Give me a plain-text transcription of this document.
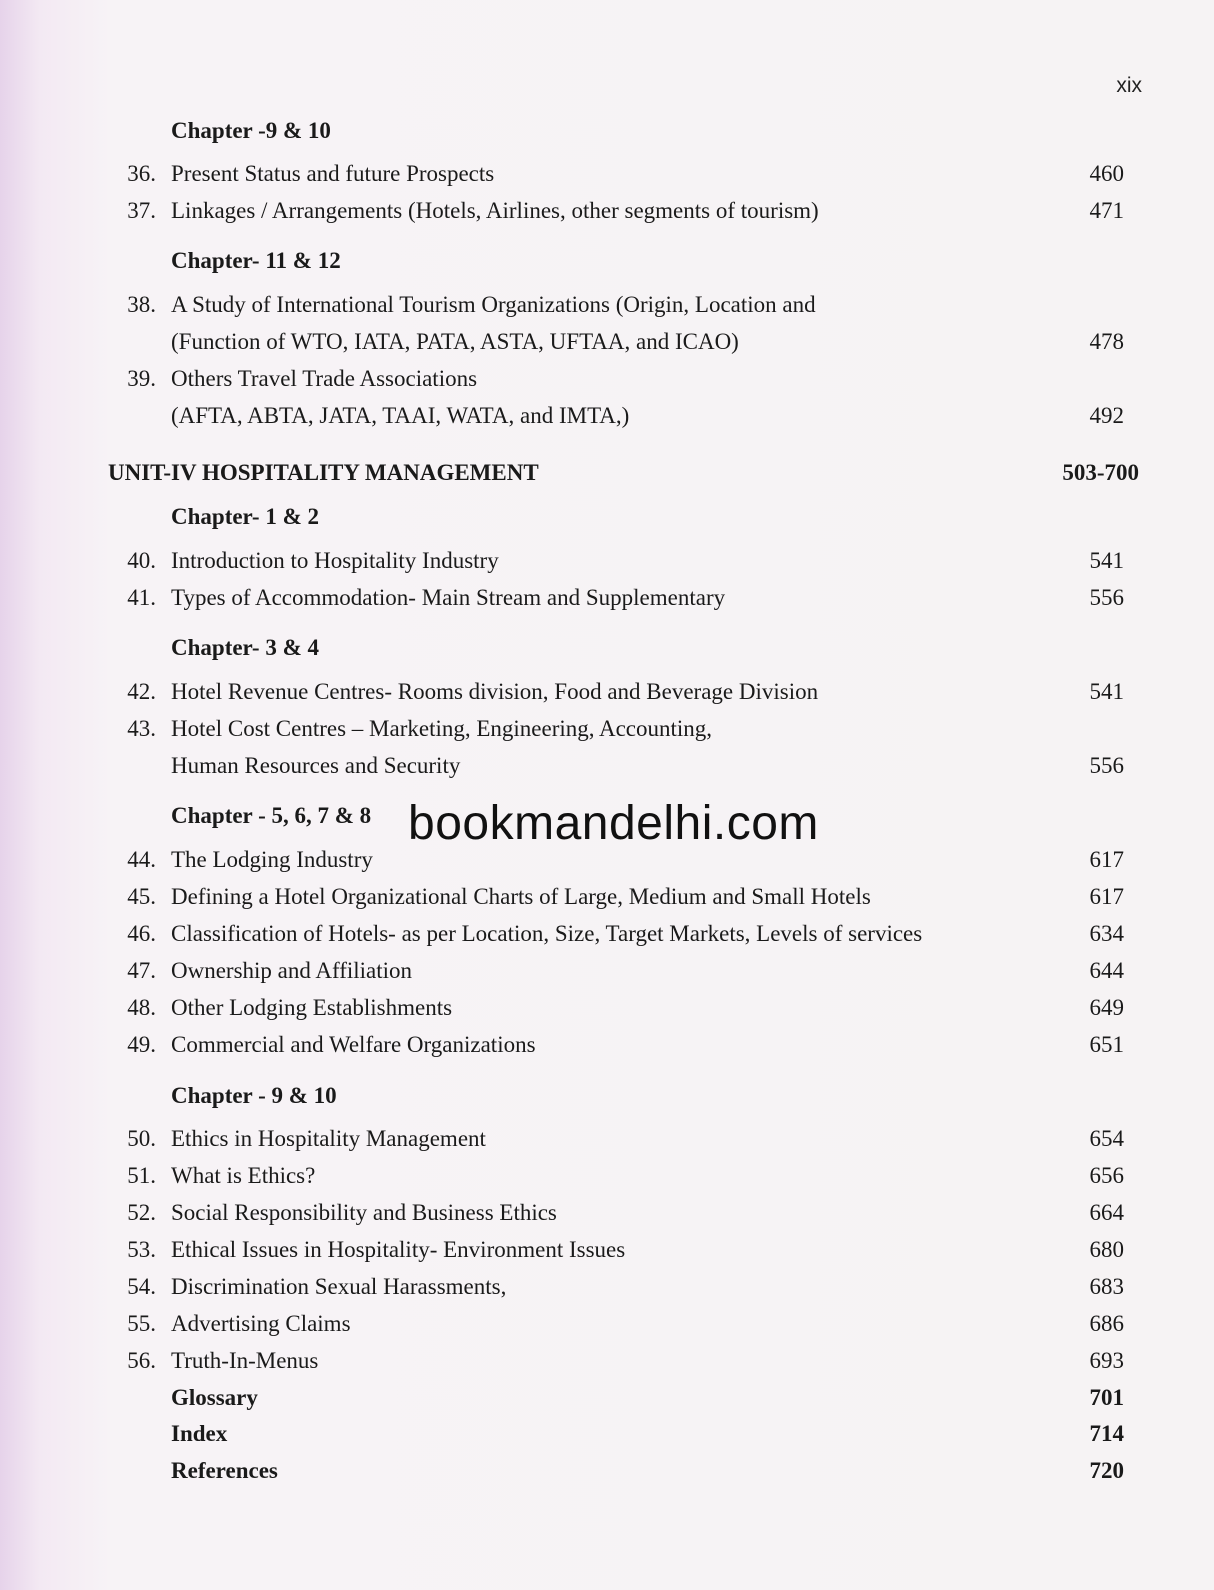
xix
Chapter -9 & 10
36. Present Status and future Prospects	460
37. Linkages / Arrangements (Hotels, Airlines, other segments of tourism)	471
Chapter- 11 & 12
38. A Study of International Tourism Organizations (Origin, Location and
(Function of WTO, IATA, PATA, ASTA, UFTAA, and ICAO)	478
39. Others Travel Trade Associations
(AFTA, ABTA, JATA, TAAI, WATA, and IMTA,)	492
UNIT-IV HOSPITALITY MANAGEMENT	503-700
Chapter- 1 & 2
40. Introduction to Hospitality Industry	541
41. Types of Accommodation- Main Stream and Supplementary	556
Chapter- 3 & 4
42. Hotel Revenue Centres- Rooms division, Food and Beverage Division	541
43. Hotel Cost Centres – Marketing, Engineering, Accounting,
Human Resources and Security	556
Chapter - 5, 6, 7 & 8
44. The Lodging Industry	617
45. Defining a Hotel Organizational Charts of Large, Medium and Small Hotels	617
46. Classification of Hotels- as per Location, Size, Target Markets, Levels of services	634
47. Ownership and Affiliation	644
48. Other Lodging Establishments	649
49. Commercial and Welfare Organizations	651
Chapter - 9 & 10
50. Ethics in Hospitality Management	654
51. What is Ethics?	656
52. Social Responsibility and Business Ethics	664
53. Ethical Issues in Hospitality- Environment Issues	680
54. Discrimination Sexual Harassments,	683
55. Advertising Claims	686
56. Truth-In-Menus	693
Glossary	701
Index	714
References	720
bookmandelhi.com
